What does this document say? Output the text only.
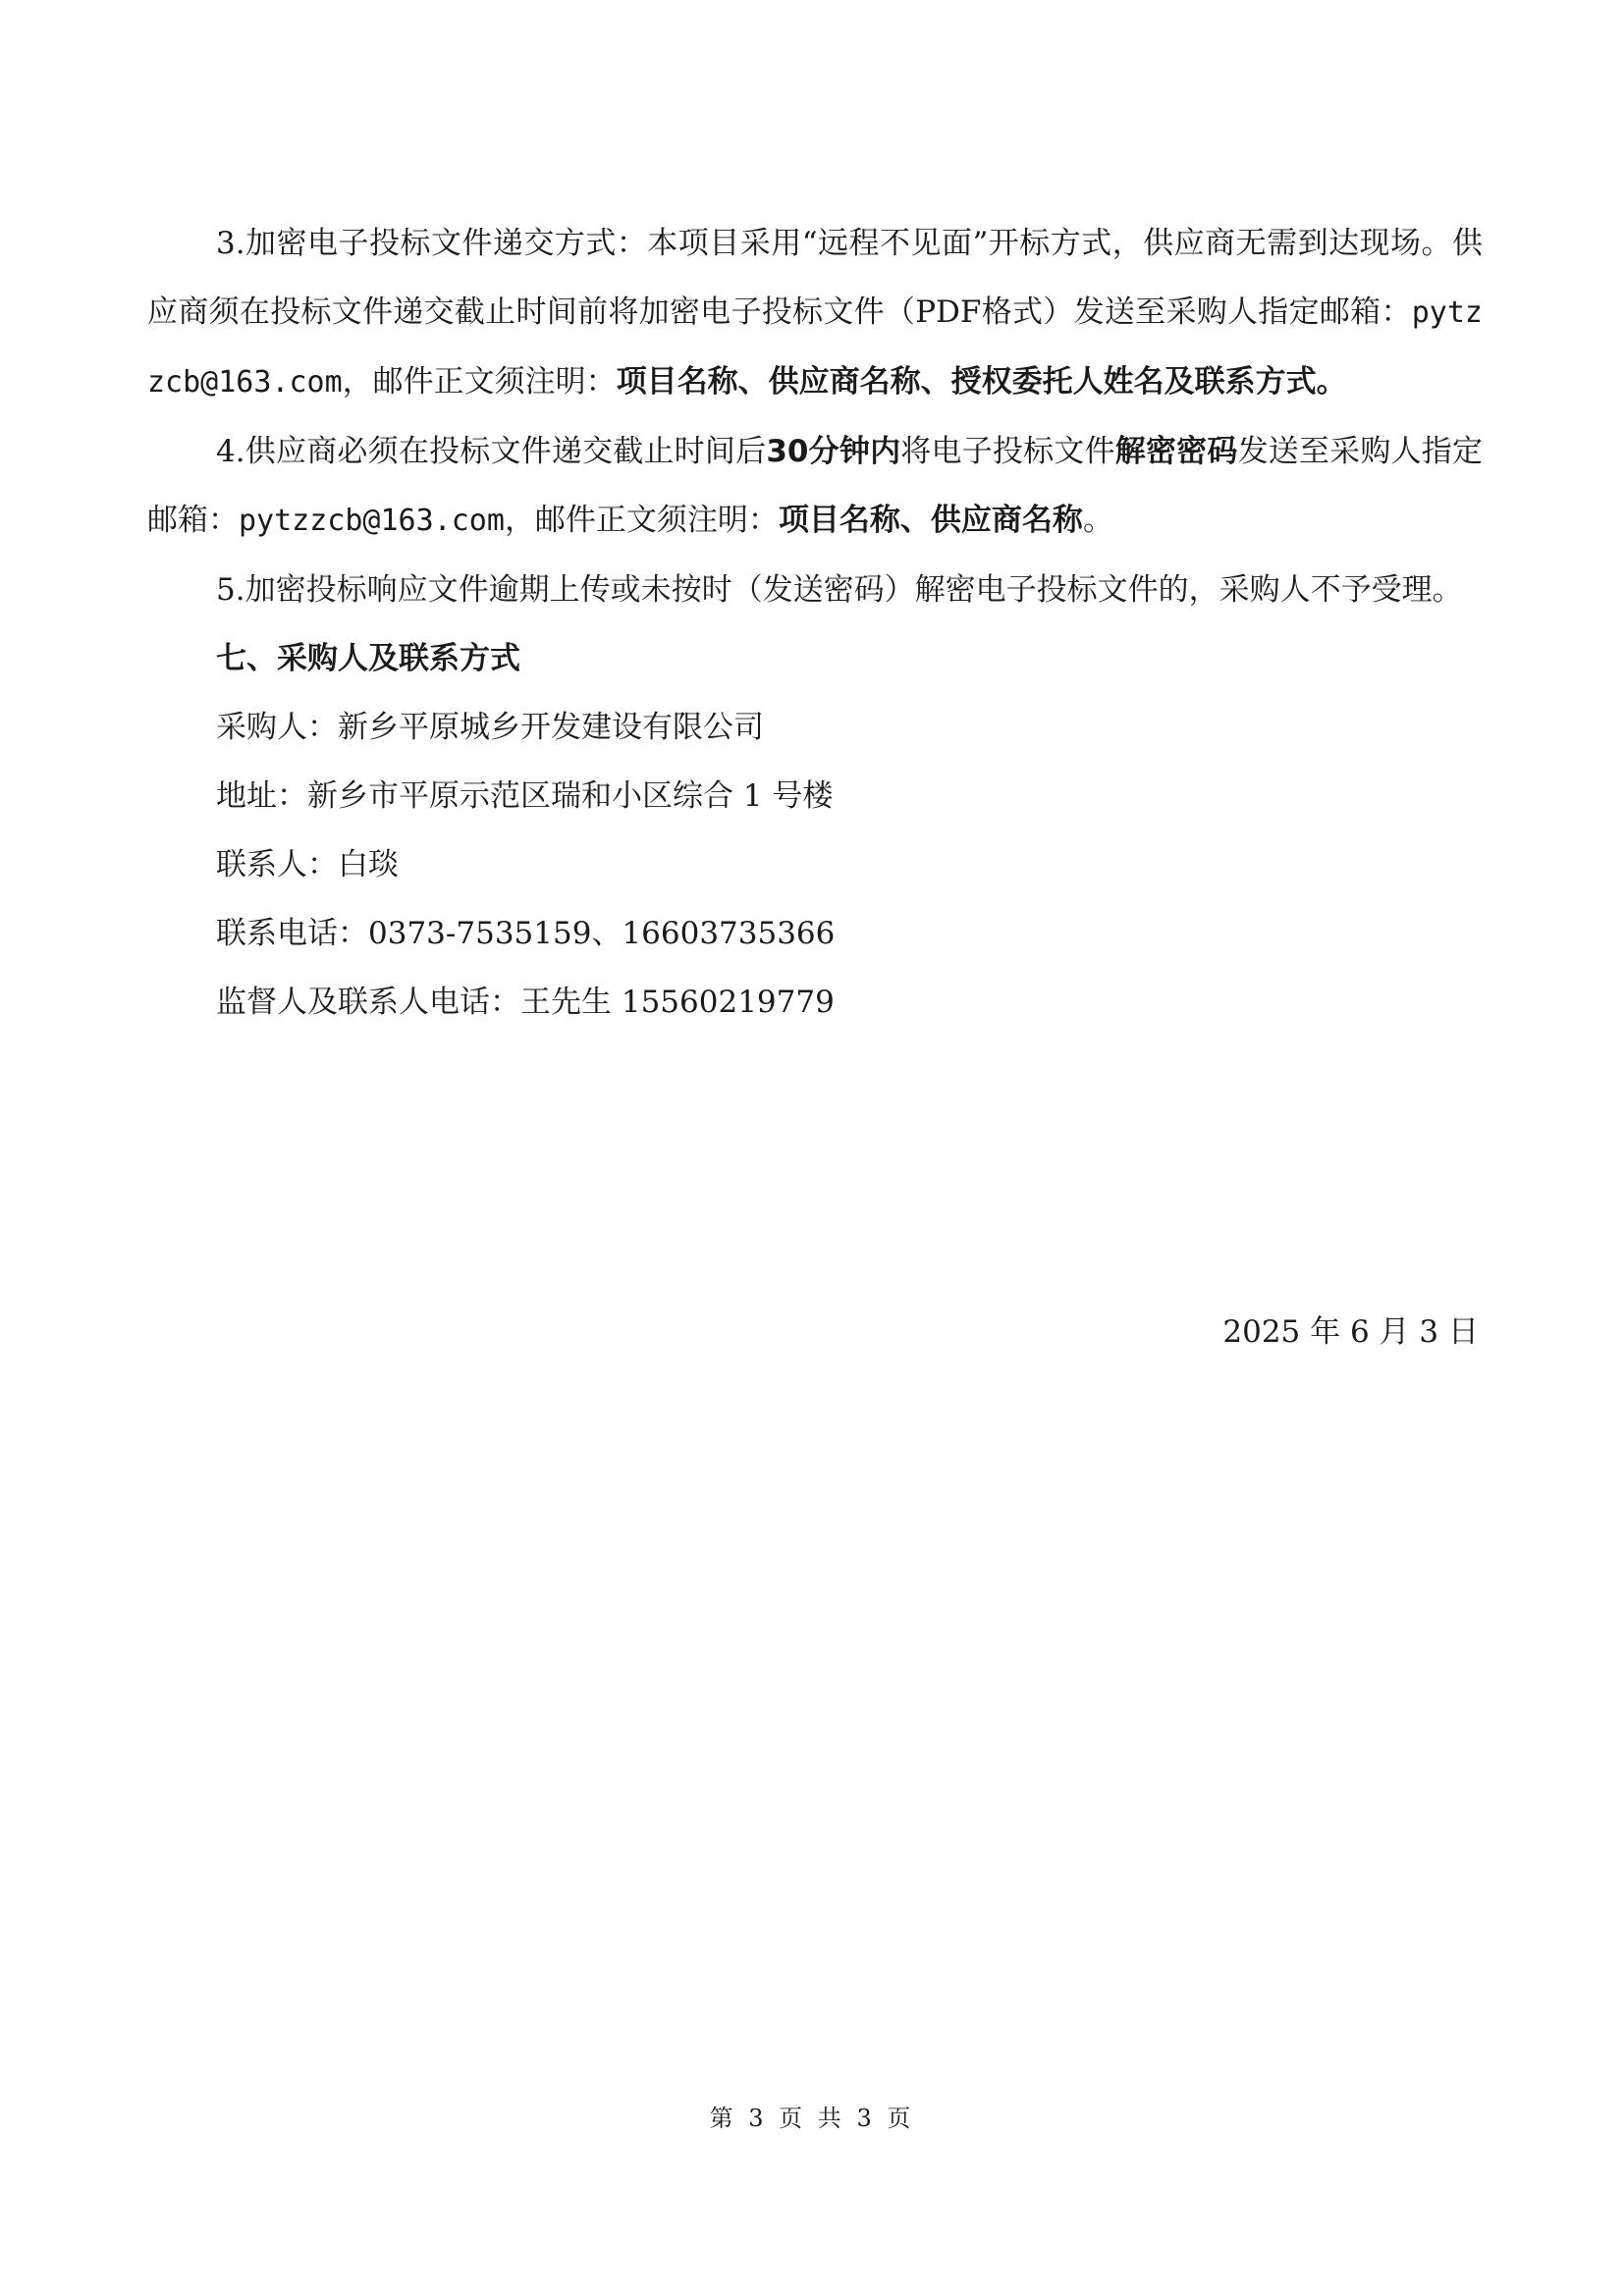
3.加密电子投标文件递交方式：本项目采用“远程不见面”开标方式，供应商无需到达现场。供应商须在投标文件递交截止时间前将加密电子投标文件（PDF格式）发送至采购人指定邮箱：pytzzcb@163.com，邮件正文须注明：项目名称、供应商名称、授权委托人姓名及联系方式。

4.供应商必须在投标文件递交截止时间后30分钟内将电子投标文件解密密码发送至采购人指定邮箱：pytzzcb@163.com，邮件正文须注明：项目名称、供应商名称。

5.加密投标响应文件逾期上传或未按时（发送密码）解密电子投标文件的，采购人不予受理。

七、采购人及联系方式

采购人：新乡平原城乡开发建设有限公司

地址：新乡市平原示范区瑞和小区综合 1 号楼

联系人：白琰

联系电话：0373-7535159、16603735366

监督人及联系人电话：王先生 15560219779

2025 年 6 月 3 日
第 3 页 共 3 页
